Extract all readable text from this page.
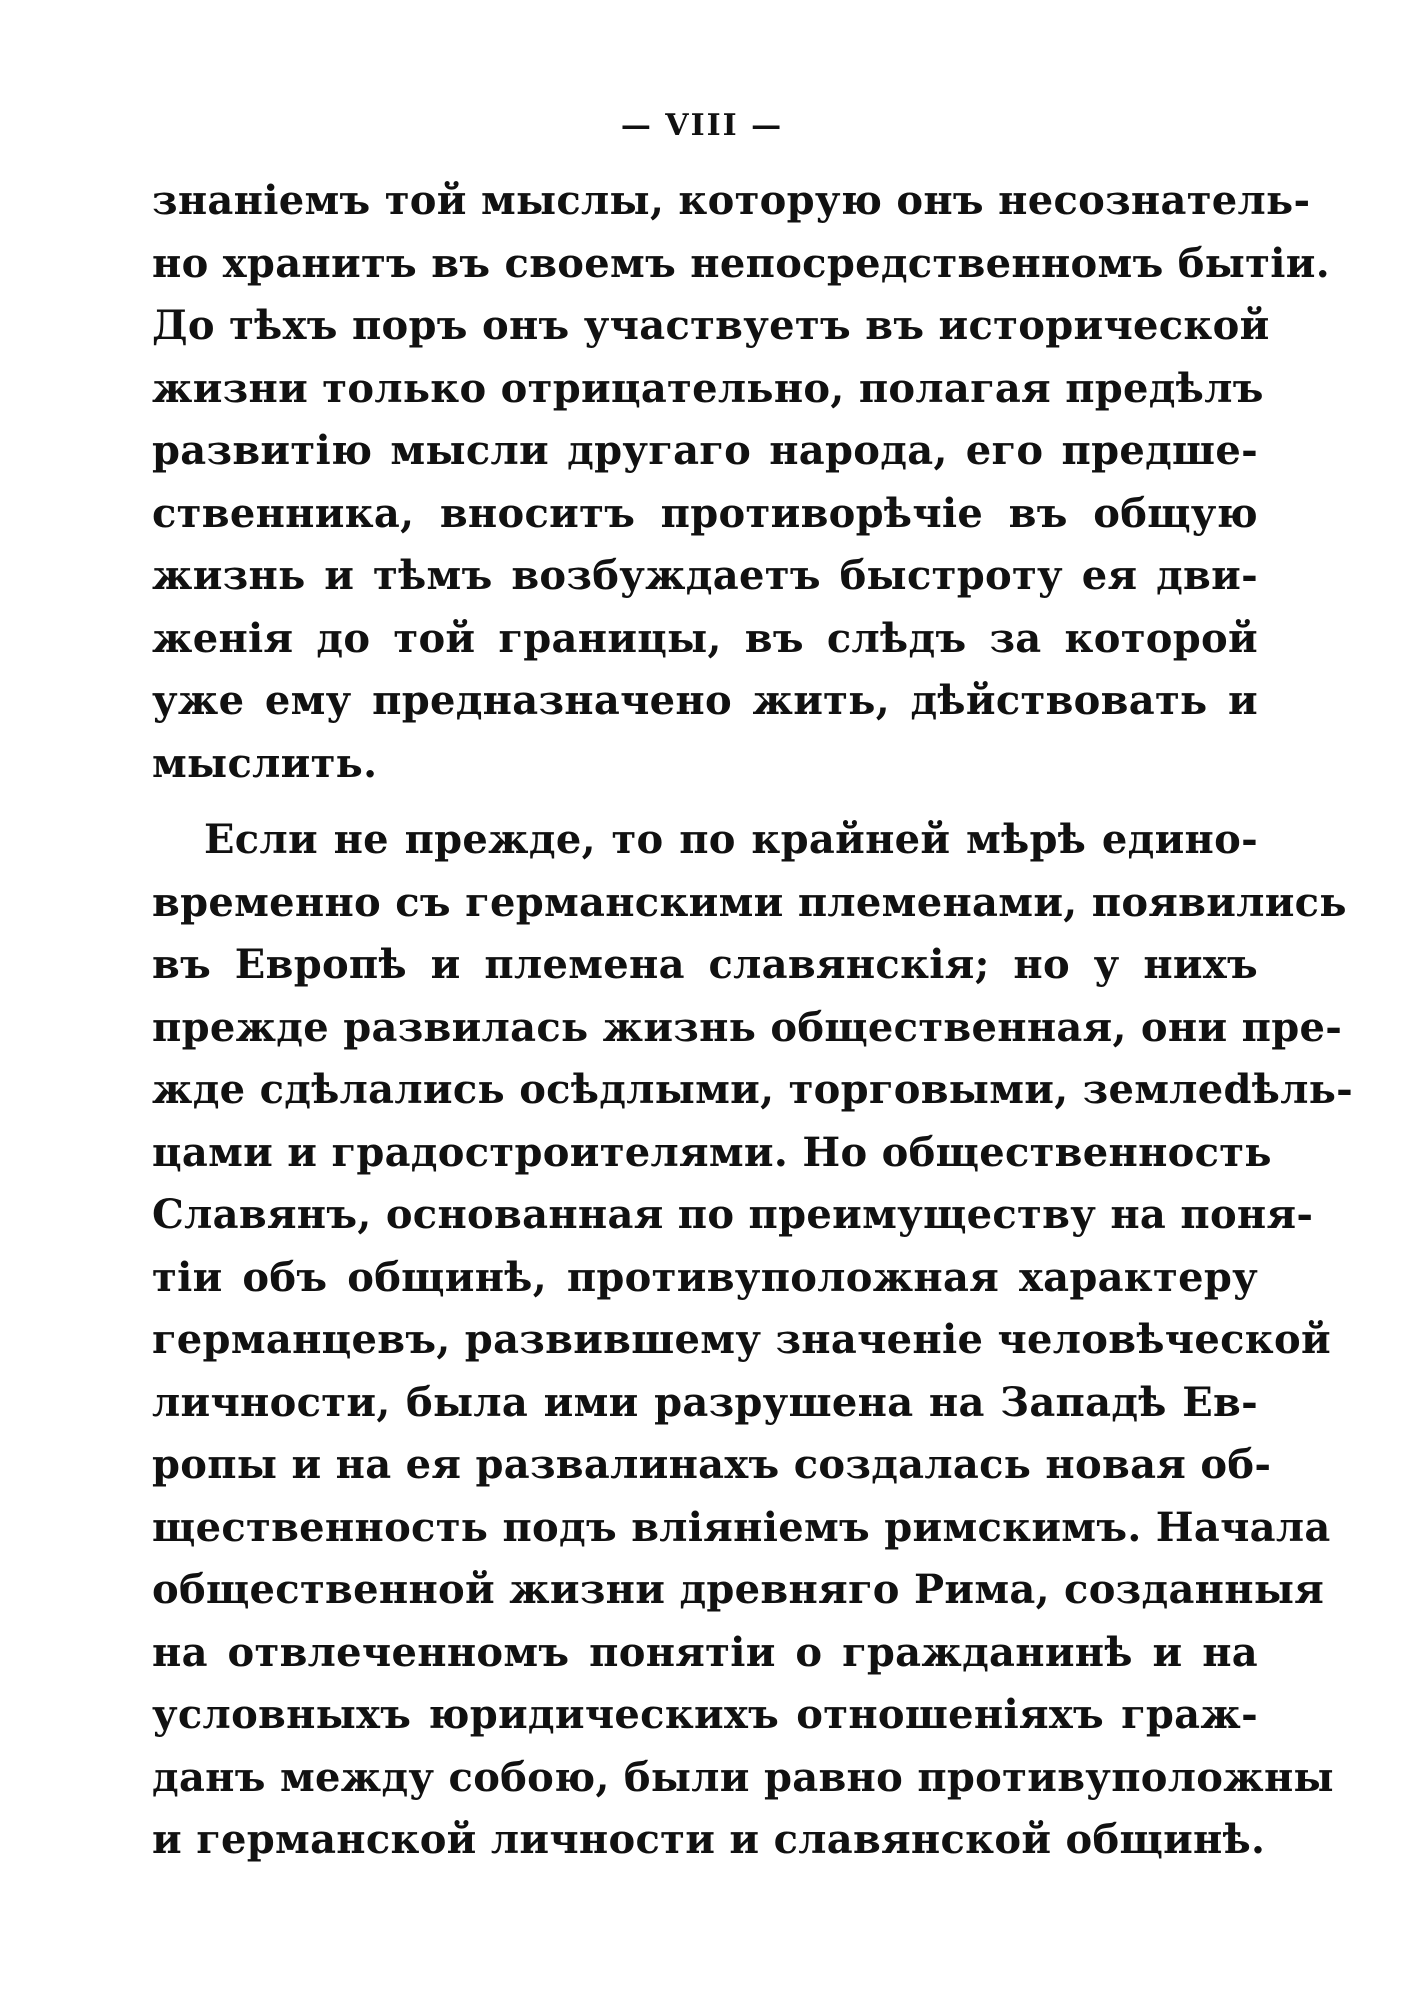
— VIII —
знаніемъ той мыслы, которую онъ несознатель-
но хранитъ въ своемъ непосредственномъ бытіи.
До тѣхъ поръ онъ участвуетъ въ исторической
жизни только отрицательно, полагая предѣлъ
развитію мысли другаго народа, его предше-
ственника, вноситъ противорѣчіе въ общую
жизнь и тѣмъ возбуждаетъ быстроту ея дви-
женія до той границы, въ слѣдъ за которой
уже ему предназначено жить, дѣйствовать и
мыслить.
Если не прежде, то по крайней мѣрѣ едино-
временно съ германскими племенами, появились
въ Европѣ и племена славянскія; но у нихъ
прежде развилась жизнь общественная, они пре-
жде сдѣлались осѣдлыми, торговыми, землedѣль-
цами и градостроителями. Но общественность
Славянъ, основанная по преимуществу на поня-
тіи объ общинѣ, противуположная характеру
германцевъ, развившему значеніе человѣческой
личности, была ими разрушена на Западѣ Ев-
ропы и на ея развалинахъ создалась новая об-
щественность подъ вліяніемъ римскимъ. Начала
общественной жизни древняго Рима, созданныя
на отвлеченномъ понятіи о гражданинѣ и на
условныхъ юридическихъ отношеніяхъ граж-
данъ между собою, были равно противуположны
и германской личности и славянской общинѣ.
